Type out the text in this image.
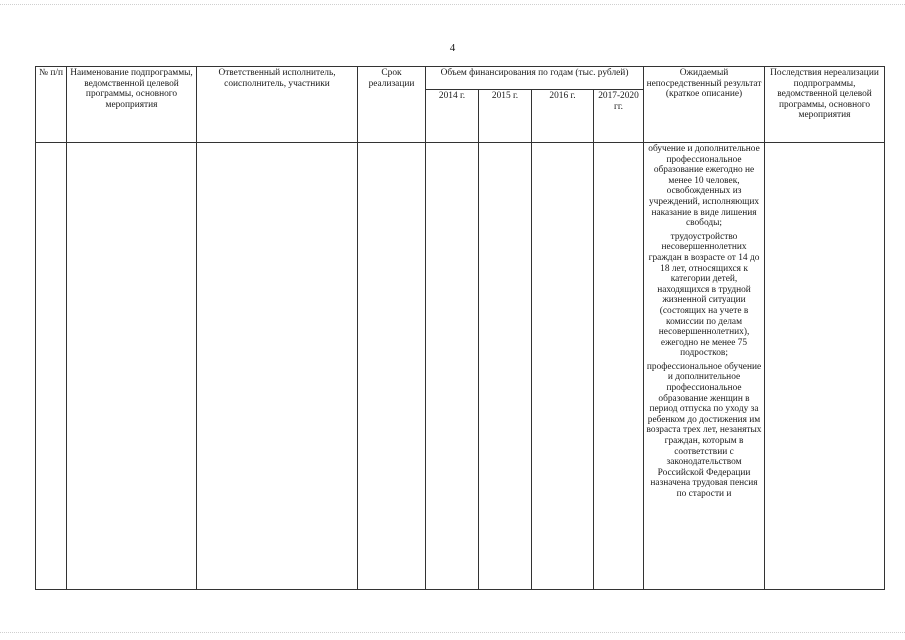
4
№ п/п	Наименование подпрограммы, ведомственной целевой программы, основного мероприятия	Ответственный исполнитель, соисполнитель, участники	Срок реализации	Объем финансирования по годам (тыс. рублей)				Ожидаемый непосредственный результат (краткое описание)	Последствия нереализации подпрограммы, ведомственной целевой программы, основного мероприятия
				2014 г.	2015 г.	2016 г.	2017-2020 гг.		

								обучение и дополнительное профессиональное образование ежегодно не менее 10 человек, освобожденных из учреждений, исполняющих наказание в виде лишения свободы;

трудоустройство несовершеннолетних граждан в возрасте от 14 до 18 лет, относящихся к категории детей, находящихся в трудной жизненной ситуации (состоящих на учете в комиссии по делам несовершеннолетних), ежегодно не менее 75 подростков;

профессиональное обучение и дополнительное профессиональное образование женщин в период отпуска по уходу за ребенком до достижения им возраста трех лет, незанятых граждан, которым в соответствии с законодательством Российской Федерации назначена трудовая пенсия по старости и	
